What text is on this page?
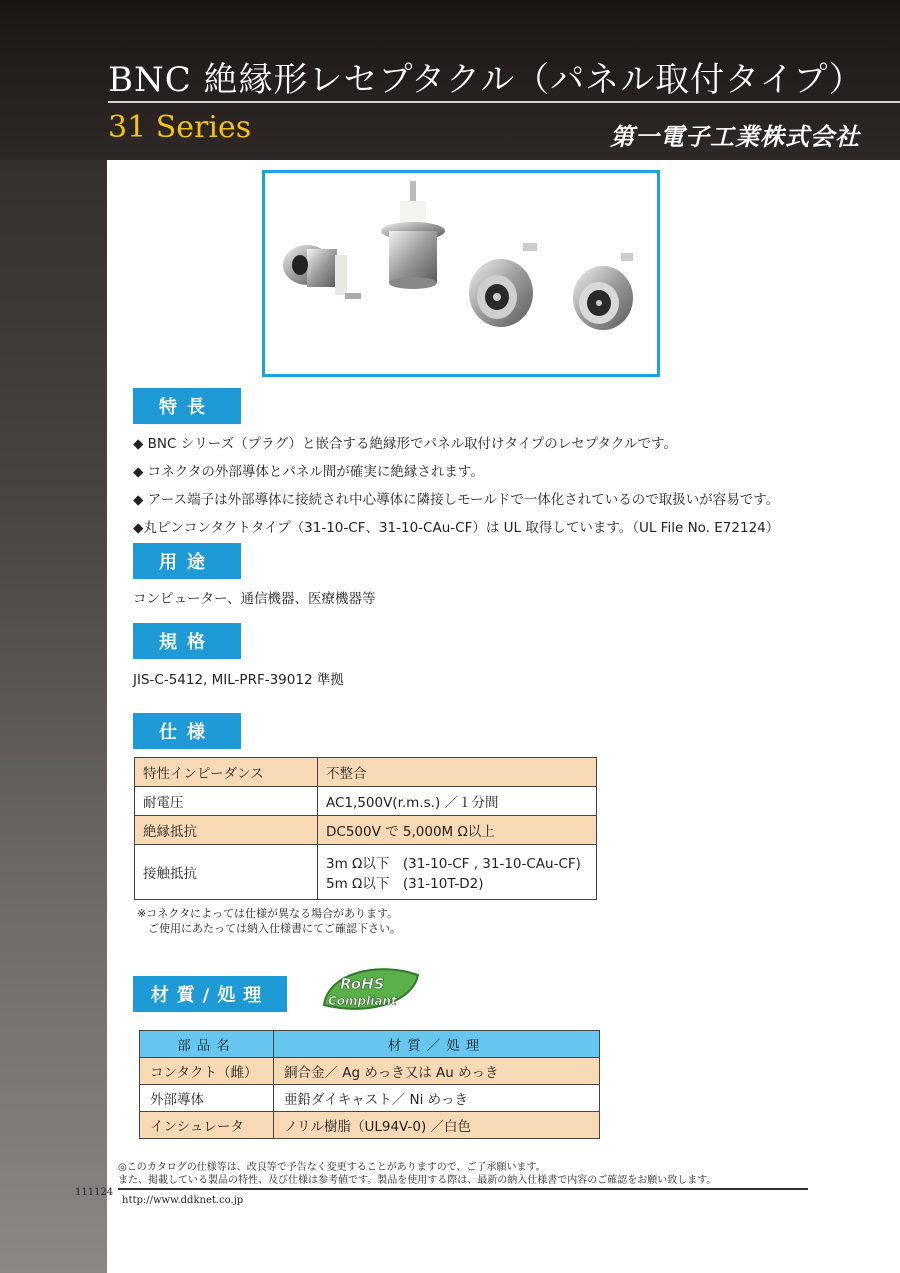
BNC 絶縁形レセプタクル（パネル取付タイプ）
31 Series	第一電子工業株式会社
特長
◆ BNC シリーズ（プラグ）と嵌合する絶縁形でパネル取付けタイプのレセプタクルです。
◆ コネクタの外部導体とパネル間が確実に絶縁されます。
◆ アース端子は外部導体に接続され中心導体に隣接しモールドで一体化されているので取扱いが容易です。
◆丸ピンコンタクトタイプ（31-10-CF、31-10-CAu-CF）は UL 取得しています。（UL File No. E72124）
用途
コンピューター、通信機器、医療機器等
規格
JIS-C-5412, MIL-PRF-39012 準拠
仕様
特性インピーダンス	不整合
耐電圧	AC1,500V(r.m.s.) ／１分間
絶縁抵抗	DC500V で 5,000M Ω以上
接触抵抗	3m Ω以下　(31-10-CF , 31-10-CAu-CF)
5m Ω以下　(31-10T-D2)
※コネクタによっては仕様が異なる場合があります。
　ご使用にあたっては納入仕様書にてご確認下さい。
材質/処理
RoHS
Compliant
部品名	材質／処理
コンタクト（雌）	銅合金／ Ag めっき又は Au めっき
外部導体	亜鉛ダイキャスト／ Ni めっき
インシュレータ	ノリル樹脂（UL94V-0) ／白色
◎このカタログの仕様等は、改良等で予告なく変更することがありますので、ご了承願います。
また、掲載している製品の特性、及び仕様は参考値です。製品を使用する際は、最新の納入仕様書で内容のご確認をお願い致します。
111124
http://www.ddknet.co.jp
